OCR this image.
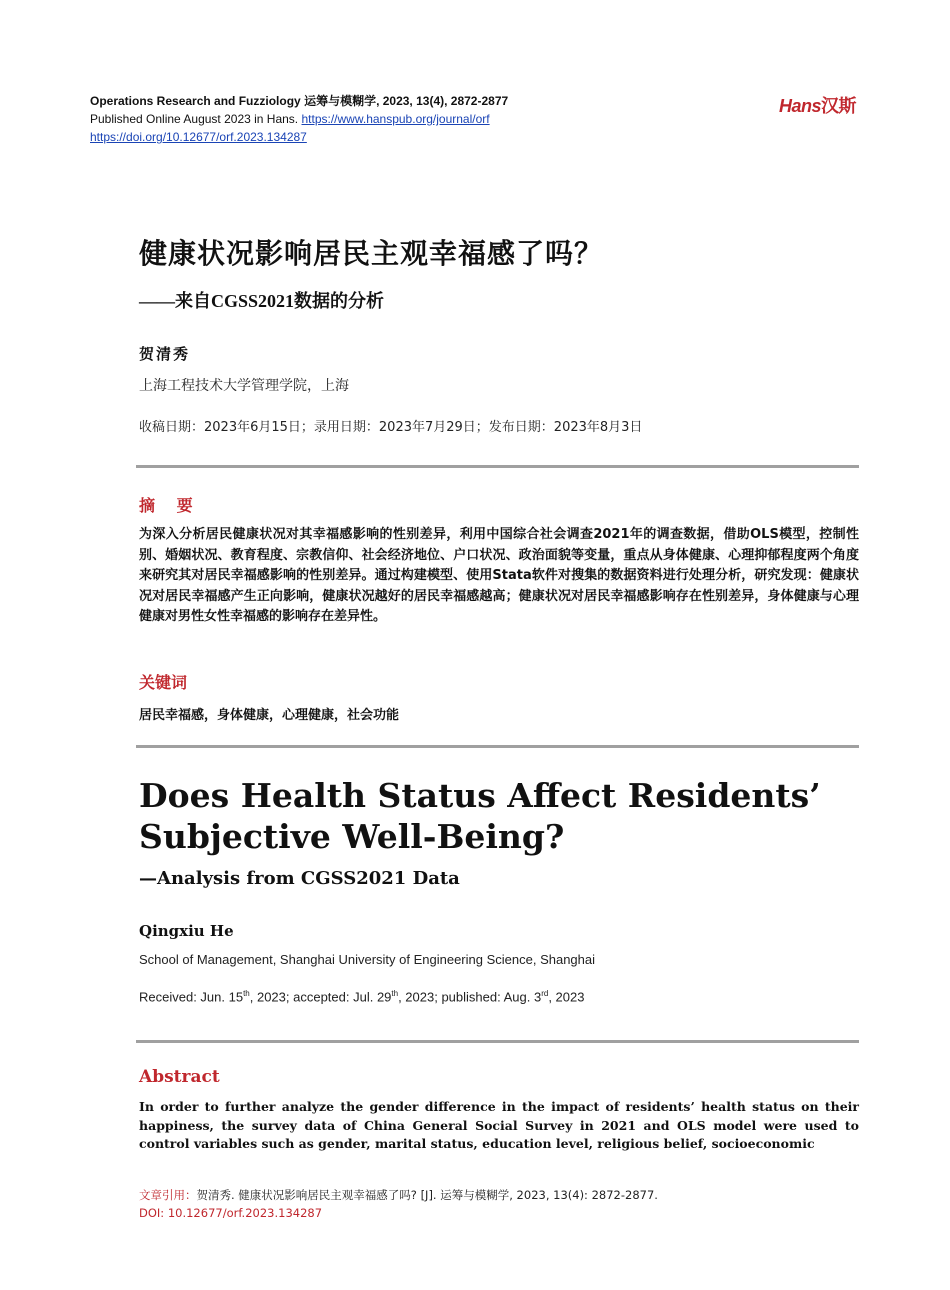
Operations Research and Fuzziology 运筹与模糊学, 2023, 13(4), 2872-2877
Published Online August 2023 in Hans. https://www.hanspub.org/journal/orf
https://doi.org/10.12677/orf.2023.134287
Hans汉斯
健康状况影响居民主观幸福感了吗？
——来自CGSS2021数据的分析
贺清秀
上海工程技术大学管理学院，上海
收稿日期：2023年6月15日；录用日期：2023年7月29日；发布日期：2023年8月3日
摘 要
为深入分析居民健康状况对其幸福感影响的性别差异，利用中国综合社会调查2021年的调查数据，借助OLS模型，控制性别、婚姻状况、教育程度、宗教信仰、社会经济地位、户口状况、政治面貌等变量，重点从身体健康、心理抑郁程度两个角度来研究其对居民幸福感影响的性别差异。通过构建模型、使用Stata软件对搜集的数据资料进行处理分析，研究发现：健康状况对居民幸福感产生正向影响，健康状况越好的居民幸福感越高；健康状况对居民幸福感影响存在性别差异，身体健康与心理健康对男性女性幸福感的影响存在差异性。
关键词
居民幸福感，身体健康，心理健康，社会功能
Does Health Status Affect Residents’
Subjective Well-Being?
—Analysis from CGSS2021 Data
Qingxiu He
School of Management, Shanghai University of Engineering Science, Shanghai
Received: Jun. 15th, 2023; accepted: Jul. 29th, 2023; published: Aug. 3rd, 2023
Abstract
In order to further analyze the gender difference in the impact of residents’ health status on their happiness, the survey data of China General Social Survey in 2021 and OLS model were used to control variables such as gender, marital status, education level, religious belief, socioeconomic
文章引用：贺清秀. 健康状况影响居民主观幸福感了吗? [J]. 运筹与模糊学, 2023, 13(4): 2872-2877.
DOI: 10.12677/orf.2023.134287
